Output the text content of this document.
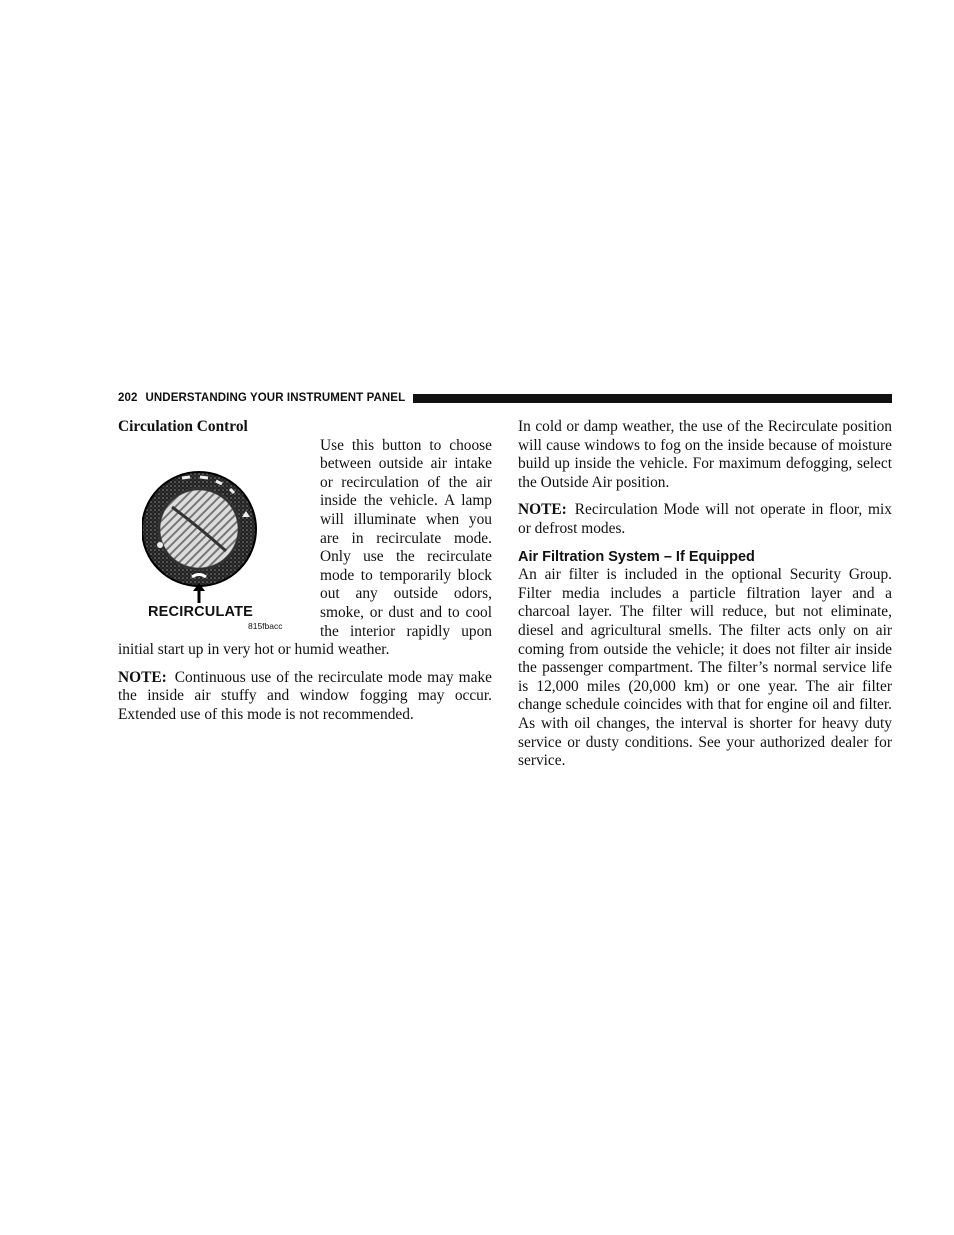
202 UNDERSTANDING YOUR INSTRUMENT PANEL

Circulation Control

RECIRCULATE
815fbacc

Use this button to choose between outside air intake or recirculation of the air inside the vehicle. A lamp will illuminate when you are in recirculate mode. Only use the recirculate mode to temporarily block out any outside odors, smoke, or dust and to cool the interior rapidly upon initial start up in very hot or humid weather.

NOTE: Continuous use of the recirculate mode may make the inside air stuffy and window fogging may occur. Extended use of this mode is not recommended.

In cold or damp weather, the use of the Recirculate position will cause windows to fog on the inside because of moisture build up inside the vehicle. For maximum defogging, select the Outside Air position.

NOTE: Recirculation Mode will not operate in floor, mix or defrost modes.

Air Filtration System – If Equipped

An air filter is included in the optional Security Group. Filter media includes a particle filtration layer and a charcoal layer. The filter will reduce, but not eliminate, diesel and agricultural smells. The filter acts only on air coming from outside the vehicle; it does not filter air inside the passenger compartment. The filter’s normal service life is 12,000 miles (20,000 km) or one year. The air filter change schedule coincides with that for engine oil and filter. As with oil changes, the interval is shorter for heavy duty service or dusty conditions. See your authorized dealer for service.
